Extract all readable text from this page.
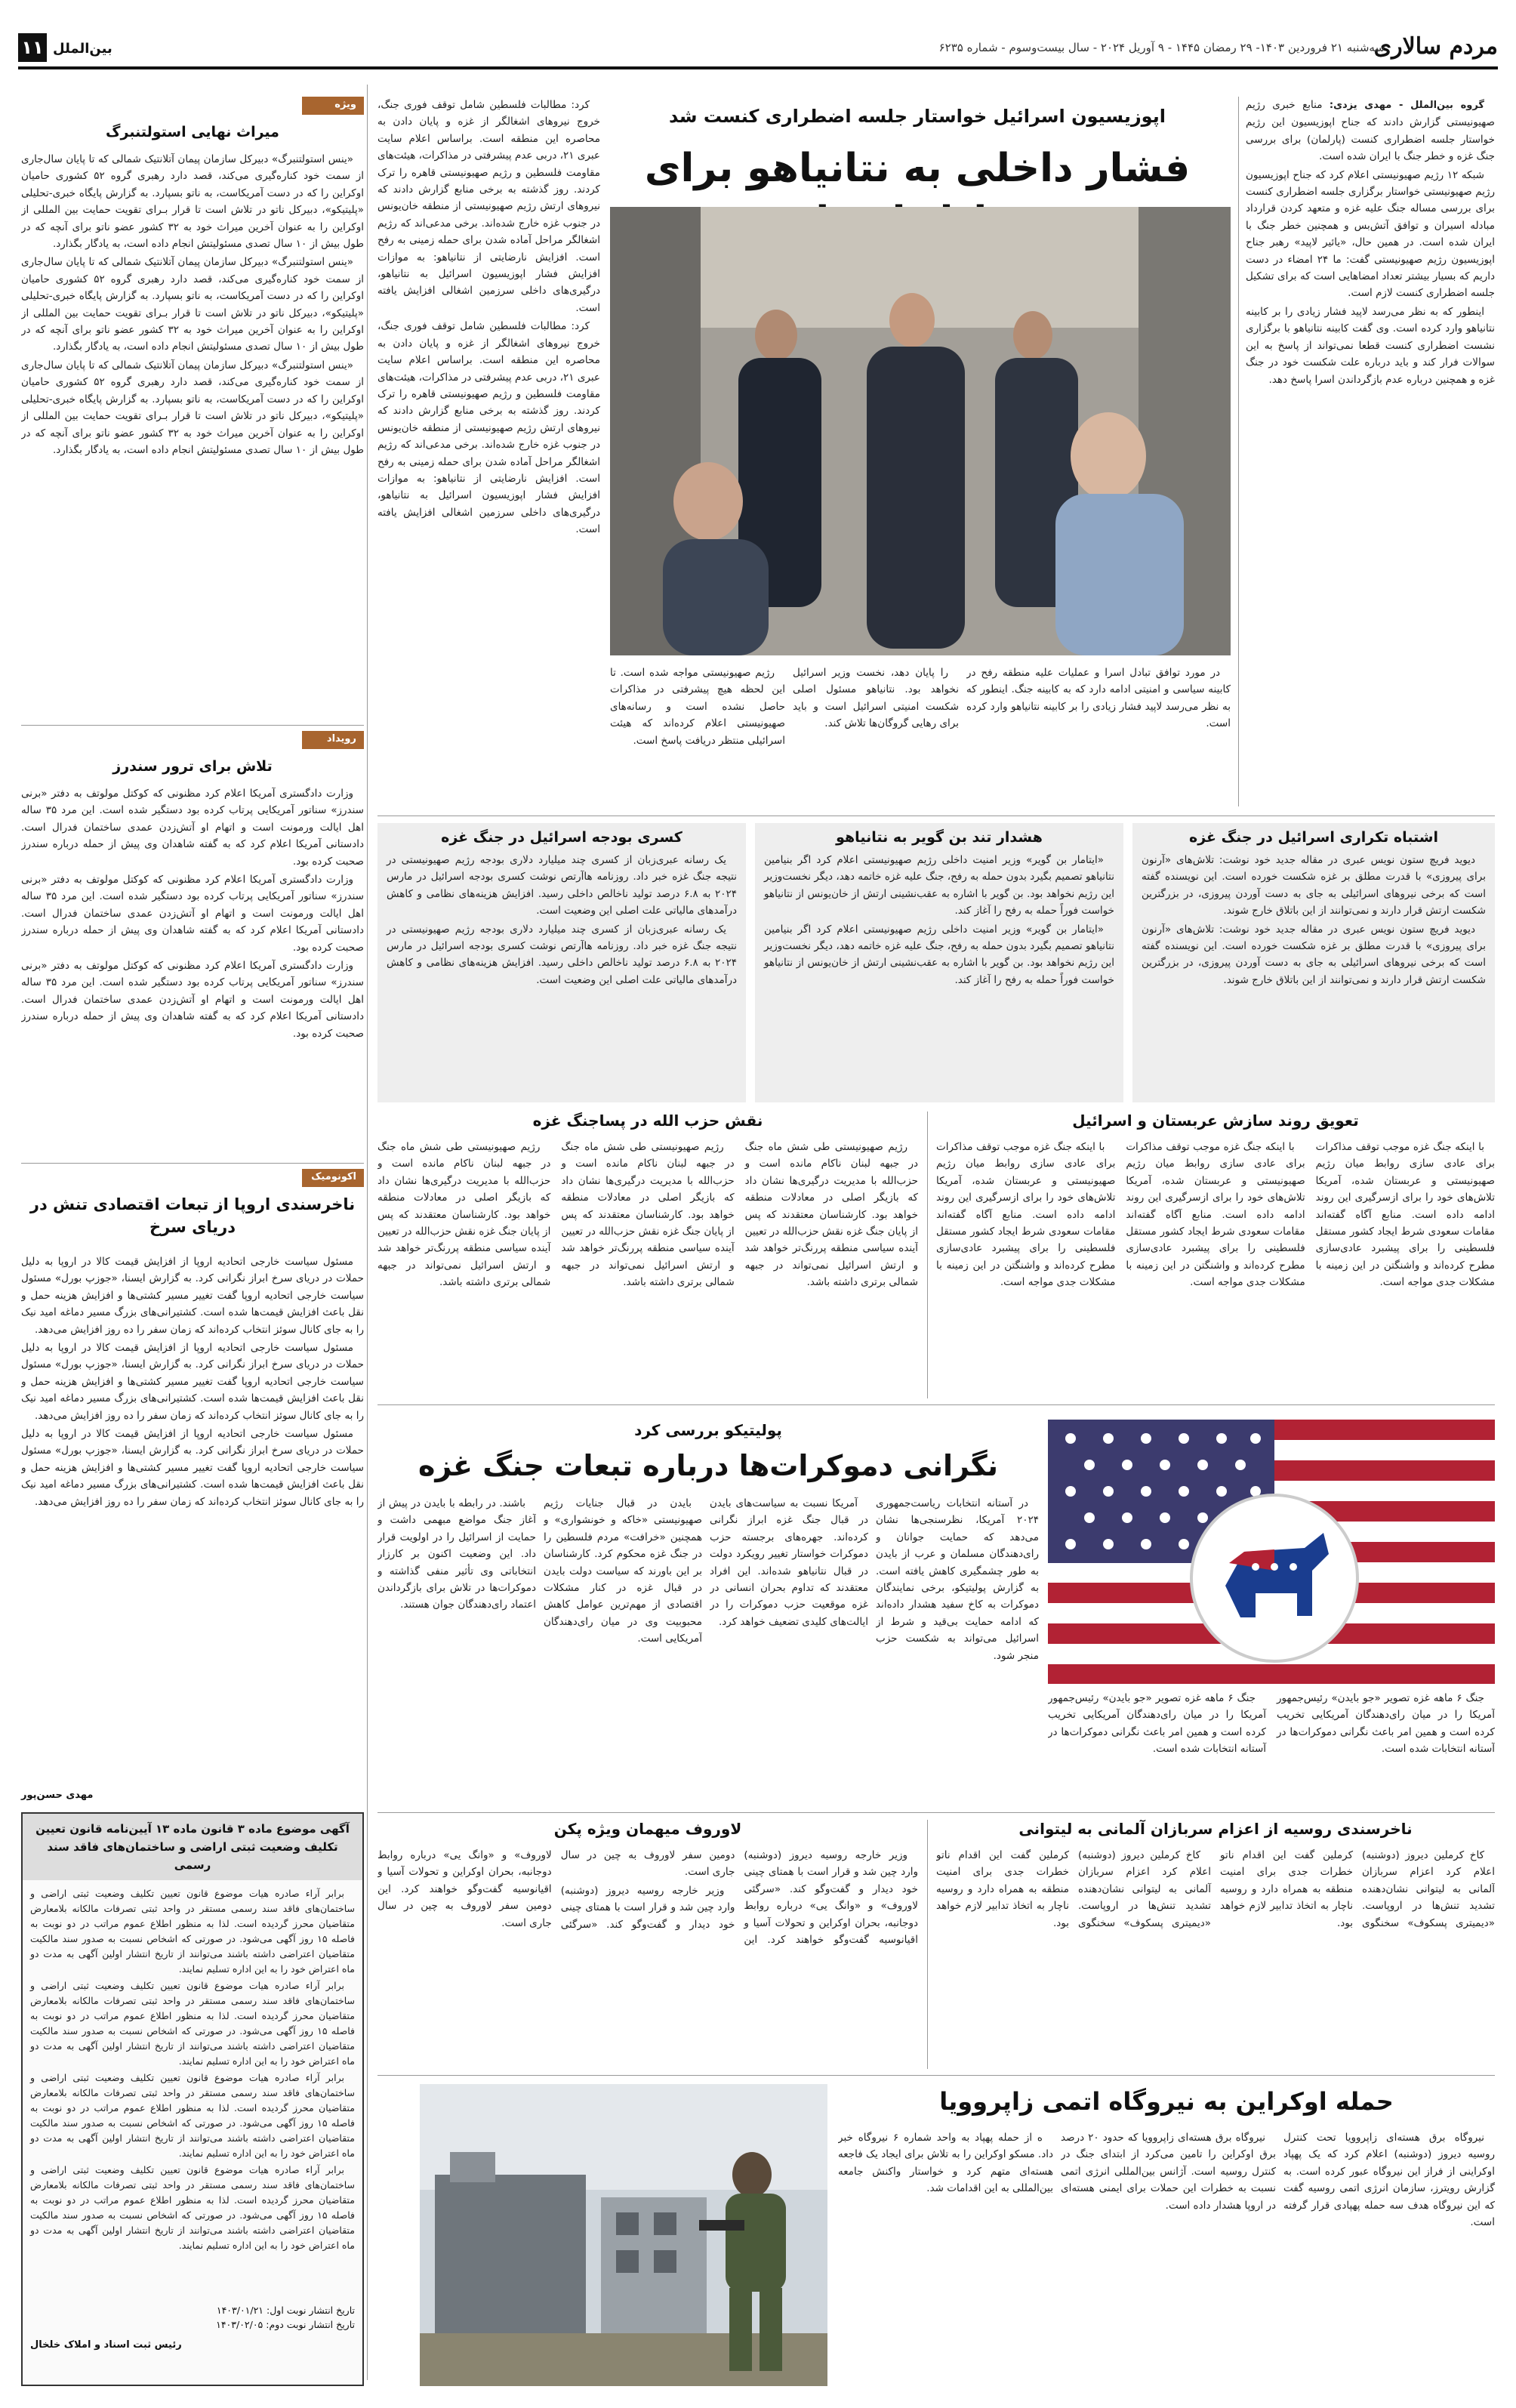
مردم سالاری
سه‌شنبه ۲۱ فروردین ۱۴۰۳- ۲۹ رمضان ۱۴۴۵ - ۹ آوریل ۲۰۲۴ - سال بیست‌وسوم - شماره ۶۲۳۵
بین‌الملل
۱۱
ویژه
میراث نهایی استولتنبرگ

«ینس استولتنبرگ» دبیرکل سازمان پیمان آتلانتیک شمالی که تا پایان سال‌جاری از سمت خود کناره‌گیری می‌کند، قصد دارد رهبری گروه ۵۲ کشوری حامیان اوکراین را که در دست آمریکاست، به ناتو بسپارد. به گزارش پایگاه خبری-تحلیلی «پلیتیکو»، دبیرکل ناتو در تلاش است تا قرار بـرای تقویت حمایت بین المللی از اوکراین را به عنوان آخرین میراث خود به ۳۲ کشور عضو ناتو برای آنچه که در طول بیش از ۱۰ سال تصدی مسئولیتش انجام داده است، به یادگار بگذارد.

«ینس استولتنبرگ» دبیرکل سازمان پیمان آتلانتیک شمالی که تا پایان سال‌جاری از سمت خود کناره‌گیری می‌کند، قصد دارد رهبری گروه ۵۲ کشوری حامیان اوکراین را که در دست آمریکاست، به ناتو بسپارد. به گزارش پایگاه خبری-تحلیلی «پلیتیکو»، دبیرکل ناتو در تلاش است تا قرار بـرای تقویت حمایت بین المللی از اوکراین را به عنوان آخرین میراث خود به ۳۲ کشور عضو ناتو برای آنچه که در طول بیش از ۱۰ سال تصدی مسئولیتش انجام داده است، به یادگار بگذارد.

«ینس استولتنبرگ» دبیرکل سازمان پیمان آتلانتیک شمالی که تا پایان سال‌جاری از سمت خود کناره‌گیری می‌کند، قصد دارد رهبری گروه ۵۲ کشوری حامیان اوکراین را که در دست آمریکاست، به ناتو بسپارد. به گزارش پایگاه خبری-تحلیلی «پلیتیکو»، دبیرکل ناتو در تلاش است تا قرار بـرای تقویت حمایت بین المللی از اوکراین را به عنوان آخرین میراث خود به ۳۲ کشور عضو ناتو برای آنچه که در طول بیش از ۱۰ سال تصدی مسئولیتش انجام داده است، به یادگار بگذارد.

رویداد
تلاش برای ترور سندرز

وزارت دادگستری آمریکا اعلام کرد مظنونی که کوکتل مولوتف به دفتر «برنی سندرز» سناتور آمریکایی پرتاب کرده بود دستگیر شده است. این مرد ۳۵ ساله اهل ایالت ورمونت است و اتهام او آتش‌زدن عمدی ساختمان فدرال است. دادستانی آمریکا اعلام کرد که به گفته شاهدان وی پیش از حمله درباره سندرز صحبت کرده بود.

وزارت دادگستری آمریکا اعلام کرد مظنونی که کوکتل مولوتف به دفتر «برنی سندرز» سناتور آمریکایی پرتاب کرده بود دستگیر شده است. این مرد ۳۵ ساله اهل ایالت ورمونت است و اتهام او آتش‌زدن عمدی ساختمان فدرال است. دادستانی آمریکا اعلام کرد که به گفته شاهدان وی پیش از حمله درباره سندرز صحبت کرده بود.

وزارت دادگستری آمریکا اعلام کرد مظنونی که کوکتل مولوتف به دفتر «برنی سندرز» سناتور آمریکایی پرتاب کرده بود دستگیر شده است. این مرد ۳۵ ساله اهل ایالت ورمونت است و اتهام او آتش‌زدن عمدی ساختمان فدرال است. دادستانی آمریکا اعلام کرد که به گفته شاهدان وی پیش از حمله درباره سندرز صحبت کرده بود.

اکونومیک
ناخرسندی اروپا از تبعات اقتصادی تنش در دریای سرخ

مسئول سیاست خارجی اتحادیه اروپا از افزایش قیمت کالا در اروپا به دلیل حملات در دریای سرخ ابراز نگرانی کرد. به گزارش ایسنا، «جوزپ بورل» مسئول سیاست خارجی اتحادیه اروپا گفت تغییر مسیر کشتی‌ها و افزایش هزینه حمل و نقل باعث افزایش قیمت‌ها شده است. کشتیرانی‌های بزرگ مسیر دماغه امید نیک را به جای کانال سوئز انتخاب کرده‌اند که زمان سفر را ده روز افزایش می‌دهد.

مسئول سیاست خارجی اتحادیه اروپا از افزایش قیمت کالا در اروپا به دلیل حملات در دریای سرخ ابراز نگرانی کرد. به گزارش ایسنا، «جوزپ بورل» مسئول سیاست خارجی اتحادیه اروپا گفت تغییر مسیر کشتی‌ها و افزایش هزینه حمل و نقل باعث افزایش قیمت‌ها شده است. کشتیرانی‌های بزرگ مسیر دماغه امید نیک را به جای کانال سوئز انتخاب کرده‌اند که زمان سفر را ده روز افزایش می‌دهد.

مسئول سیاست خارجی اتحادیه اروپا از افزایش قیمت کالا در اروپا به دلیل حملات در دریای سرخ ابراز نگرانی کرد. به گزارش ایسنا، «جوزپ بورل» مسئول سیاست خارجی اتحادیه اروپا گفت تغییر مسیر کشتی‌ها و افزایش هزینه حمل و نقل باعث افزایش قیمت‌ها شده است. کشتیرانی‌های بزرگ مسیر دماغه امید نیک را به جای کانال سوئز انتخاب کرده‌اند که زمان سفر را ده روز افزایش می‌دهد.

مهدی حسن‌پور
آگهی موضوع ماده ۳ قانون ماده ۱۳ آیین‌نامه قانون تعیین تکلیف وضعیت ثبتی اراضی و ساختمان‌های فاقد سند رسمی

برابر آراء صادره هیات موضوع قانون تعیین تکلیف وضعیت ثبتی اراضی و ساختمان‌های فاقد سند رسمی مستقر در واحد ثبتی تصرفات مالکانه بلامعارض متقاضیان محرز گردیده است. لذا به منظور اطلاع عموم مراتب در دو نوبت به فاصله ۱۵ روز آگهی می‌شود. در صورتی که اشخاص نسبت به صدور سند مالکیت متقاضیان اعتراضی داشته باشند می‌توانند از تاریخ انتشار اولین آگهی به مدت دو ماه اعتراض خود را به این اداره تسلیم نمایند.

برابر آراء صادره هیات موضوع قانون تعیین تکلیف وضعیت ثبتی اراضی و ساختمان‌های فاقد سند رسمی مستقر در واحد ثبتی تصرفات مالکانه بلامعارض متقاضیان محرز گردیده است. لذا به منظور اطلاع عموم مراتب در دو نوبت به فاصله ۱۵ روز آگهی می‌شود. در صورتی که اشخاص نسبت به صدور سند مالکیت متقاضیان اعتراضی داشته باشند می‌توانند از تاریخ انتشار اولین آگهی به مدت دو ماه اعتراض خود را به این اداره تسلیم نمایند.

برابر آراء صادره هیات موضوع قانون تعیین تکلیف وضعیت ثبتی اراضی و ساختمان‌های فاقد سند رسمی مستقر در واحد ثبتی تصرفات مالکانه بلامعارض متقاضیان محرز گردیده است. لذا به منظور اطلاع عموم مراتب در دو نوبت به فاصله ۱۵ روز آگهی می‌شود. در صورتی که اشخاص نسبت به صدور سند مالکیت متقاضیان اعتراضی داشته باشند می‌توانند از تاریخ انتشار اولین آگهی به مدت دو ماه اعتراض خود را به این اداره تسلیم نمایند.

برابر آراء صادره هیات موضوع قانون تعیین تکلیف وضعیت ثبتی اراضی و ساختمان‌های فاقد سند رسمی مستقر در واحد ثبتی تصرفات مالکانه بلامعارض متقاضیان محرز گردیده است. لذا به منظور اطلاع عموم مراتب در دو نوبت به فاصله ۱۵ روز آگهی می‌شود. در صورتی که اشخاص نسبت به صدور سند مالکیت متقاضیان اعتراضی داشته باشند می‌توانند از تاریخ انتشار اولین آگهی به مدت دو ماه اعتراض خود را به این اداره تسلیم نمایند.

تاریخ انتشار نوبت اول: ۱۴۰۳/۰۱/۲۱
تاریخ انتشار نوبت دوم: ۱۴۰۳/۰۲/۰۵
رئیس ثبت اسناد و املاک خلخال

گروه بین‌الملل - مهدی یزدی: منابع خبری رژیم صهیونیستی گزارش دادند که جناح اپوزیسیون این رژیم خواستار جلسه اضطراری کنست (پارلمان) برای بررسی جنگ غزه و خطر جنگ با ایران شده است.

شبکه ۱۲ رژیم صهیونیستی اعلام کرد که جناح اپوزیسیون رژیم صهیونیستی خواستار برگزاری جلسه اضطراری کنست برای بررسی مساله جنگ علیه غزه و متعهد کردن قرارداد مبادله اسیران و توافق آتش‌بس و همچنین خطر جنگ با ایران شده است. در همین حال، «یائیر لاپید» رهبر جناح اپوزیسیون رژیم صهیونیستی گفت: ما ۲۴ امضاء در دست داریم که بسیار بیشتر تعداد امضاهایی است که برای تشکیل جلسه اضطراری کنست لازم است.

اینطور که به نظر می‌رسد لاپید فشار زیادی را بر کابینه نتانیاهو وارد کرده است. وی گفت کابینه نتانیاهو با برگزاری نشست اضطراری کنست قطعا نمی‌تواند از پاسخ به این سوالات فرار کند و باید درباره علت شکست خود در جنگ غزه و همچنین درباره عدم بازگرداندن اسرا پاسخ دهد.

اپوزیسیون اسرائیل خواستار جلسه اضطراری کنست شد
فشار داخلی به نتانیاهو برای

کرد: مطالبات فلسطین شامل توقف فوری جنگ، خروج نیروهای اشغالگر از غزه و پایان دادن به محاصره این منطقه است. براساس اعلام سایت عبری ۲۱، دربی عدم پیشرفتی در مذاکرات، هیئت‌های مقاومت فلسطین و رژیم صهیونیستی قاهره را ترک کردند. روز گذشته به برخی منابع گزارش دادند که نیروهای ارتش رژیم صهیونیستی از منطقه خان‌یونس در جنوب غزه خارج شده‌اند. برخی مدعی‌اند که رژیم اشغالگر مراحل آماده شدن برای حمله زمینی به رفح است. افزایش نارضایتی از نتانیاهو: به موازات افزایش فشار اپوزیسیون اسرائیل به نتانیاهو، درگیری‌های داخلی سرزمین اشغالی افزایش یافته است.

کرد: مطالبات فلسطین شامل توقف فوری جنگ، خروج نیروهای اشغالگر از غزه و پایان دادن به محاصره این منطقه است. براساس اعلام سایت عبری ۲۱، دربی عدم پیشرفتی در مذاکرات، هیئت‌های مقاومت فلسطین و رژیم صهیونیستی قاهره را ترک کردند. روز گذشته به برخی منابع گزارش دادند که نیروهای ارتش رژیم صهیونیستی از منطقه خان‌یونس در جنوب غزه خارج شده‌اند. برخی مدعی‌اند که رژیم اشغالگر مراحل آماده شدن برای حمله زمینی به رفح است. افزایش نارضایتی از نتانیاهو: به موازات افزایش فشار اپوزیسیون اسرائیل به نتانیاهو، درگیری‌های داخلی سرزمین اشغالی افزایش یافته است.

در مورد توافق تبادل اسرا و عملیات علیه منطقه رفح در کابینه سیاسی و امنیتی ادامه دارد که به کابینه جنگ. اینطور که به نظر می‌رسد لاپید فشار زیادی را بر کابینه نتانیاهو وارد کرده است.

را پایان دهد، نخست وزیر اسرائیل نخواهد بود. نتانیاهو مسئول اصلی شکست امنیتی اسرائیل است و باید برای رهایی گروگان‌ها تلاش کند.

رژیم صهیونیستی مواجه شده است. تا این لحظه هیچ پیشرفتی در مذاکرات حاصل نشده است و رسانه‌های صهیونیستی اعلام کرده‌اند که هیئت اسرائیلی منتظر دریافت پاسخ است.

اشتباه تکراری اسرائیل در جنگ غزه

دیوید فریچ ستون نویس عبری در مقاله جدید خود نوشت: تلاش‌های «آرنون برای پیروزی» با قدرت مطلق بر غزه شکست خورده است. این نویسنده گفته است که برخی نیروهای اسرائیلی به جای به دست آوردن پیروزی، در بزرگترین شکست ارتش قرار دارند و نمی‌توانند از این باتلاق خارج شوند.

دیوید فریچ ستون نویس عبری در مقاله جدید خود نوشت: تلاش‌های «آرنون برای پیروزی» با قدرت مطلق بر غزه شکست خورده است. این نویسنده گفته است که برخی نیروهای اسرائیلی به جای به دست آوردن پیروزی، در بزرگترین شکست ارتش قرار دارند و نمی‌توانند از این باتلاق خارج شوند.

هشدار تند بن گویر به نتانیاهو

«ایتامار بن گویر» وزیر امنیت داخلی رژیم صهیونیستی اعلام کرد اگر بنیامین نتانیاهو تصمیم بگیرد بدون حمله به رفح، جنگ علیه غزه خاتمه دهد، دیگر نخست‌وزیر این رژیم نخواهد بود. بن گویر با اشاره به عقب‌نشینی ارتش از خان‌یونس از نتانیاهو خواست فوراً حمله به رفح را آغاز کند.

«ایتامار بن گویر» وزیر امنیت داخلی رژیم صهیونیستی اعلام کرد اگر بنیامین نتانیاهو تصمیم بگیرد بدون حمله به رفح، جنگ علیه غزه خاتمه دهد، دیگر نخست‌وزیر این رژیم نخواهد بود. بن گویر با اشاره به عقب‌نشینی ارتش از خان‌یونس از نتانیاهو خواست فوراً حمله به رفح را آغاز کند.

کسری بودجه اسرائیل در جنگ غزه

یک رسانه عبری‌زبان از کسری چند میلیارد دلاری بودجه رژیم صهیونیستی در نتیجه جنگ غزه خبر داد. روزنامه هاآرتص نوشت کسری بودجه اسرائیل در مارس ۲۰۲۴ به ۶.۸ درصد تولید ناخالص داخلی رسید. افزایش هزینه‌های نظامی و کاهش درآمدهای مالیاتی علت اصلی این وضعیت است.

یک رسانه عبری‌زبان از کسری چند میلیارد دلاری بودجه رژیم صهیونیستی در نتیجه جنگ غزه خبر داد. روزنامه هاآرتص نوشت کسری بودجه اسرائیل در مارس ۲۰۲۴ به ۶.۸ درصد تولید ناخالص داخلی رسید. افزایش هزینه‌های نظامی و کاهش درآمدهای مالیاتی علت اصلی این وضعیت است.

تعویق روند سازش عربستان و اسرائیل

با اینکه جنگ غزه موجب توقف مذاکرات برای عادی سازی روابط میان رژیم صهیونیستی و عربستان شده، آمریکا تلاش‌های خود را برای ازسرگیری این روند ادامه داده است. منابع آگاه گفته‌اند مقامات سعودی شرط ایجاد کشور مستقل فلسطینی را برای پیشبرد عادی‌سازی مطرح کرده‌اند و واشنگتن در این زمینه با مشکلات جدی مواجه است.

با اینکه جنگ غزه موجب توقف مذاکرات برای عادی سازی روابط میان رژیم صهیونیستی و عربستان شده، آمریکا تلاش‌های خود را برای ازسرگیری این روند ادامه داده است. منابع آگاه گفته‌اند مقامات سعودی شرط ایجاد کشور مستقل فلسطینی را برای پیشبرد عادی‌سازی مطرح کرده‌اند و واشنگتن در این زمینه با مشکلات جدی مواجه است.

با اینکه جنگ غزه موجب توقف مذاکرات برای عادی سازی روابط میان رژیم صهیونیستی و عربستان شده، آمریکا تلاش‌های خود را برای ازسرگیری این روند ادامه داده است. منابع آگاه گفته‌اند مقامات سعودی شرط ایجاد کشور مستقل فلسطینی را برای پیشبرد عادی‌سازی مطرح کرده‌اند و واشنگتن در این زمینه با مشکلات جدی مواجه است.

نقش حزب الله در پساجنگ غزه

رژیم صهیونیستی طی شش ماه جنگ در جبهه لبنان ناکام مانده است و حزب‌الله با مدیریت درگیری‌ها نشان داد که بازیگر اصلی در معادلات منطقه خواهد بود. کارشناسان معتقدند که پس از پایان جنگ غزه نقش حزب‌الله در تعیین آینده سیاسی منطقه پررنگ‌تر خواهد شد و ارتش اسرائیل نمی‌تواند در جبهه شمالی برتری داشته باشد.

رژیم صهیونیستی طی شش ماه جنگ در جبهه لبنان ناکام مانده است و حزب‌الله با مدیریت درگیری‌ها نشان داد که بازیگر اصلی در معادلات منطقه خواهد بود. کارشناسان معتقدند که پس از پایان جنگ غزه نقش حزب‌الله در تعیین آینده سیاسی منطقه پررنگ‌تر خواهد شد و ارتش اسرائیل نمی‌تواند در جبهه شمالی برتری داشته باشد.

رژیم صهیونیستی طی شش ماه جنگ در جبهه لبنان ناکام مانده است و حزب‌الله با مدیریت درگیری‌ها نشان داد که بازیگر اصلی در معادلات منطقه خواهد بود. کارشناسان معتقدند که پس از پایان جنگ غزه نقش حزب‌الله در تعیین آینده سیاسی منطقه پررنگ‌تر خواهد شد و ارتش اسرائیل نمی‌تواند در جبهه شمالی برتری داشته باشد.

جنگ ۶ ماهه غزه تصویر «جو بایدن» رئیس‌جمهور آمریکا را در میان رای‌دهندگان آمریکایی تخریب کرده است و همین امر باعث نگرانی دموکرات‌ها در آستانه انتخابات شده است.

جنگ ۶ ماهه غزه تصویر «جو بایدن» رئیس‌جمهور آمریکا را در میان رای‌دهندگان آمریکایی تخریب کرده است و همین امر باعث نگرانی دموکرات‌ها در آستانه انتخابات شده است.

پولیتیکو بررسی کرد
نگرانی دموکرات‌ها درباره تبعات جنگ غزه

در آستانه انتخابات ریاست‌جمهوری ۲۰۲۴ آمریکا، نظرسنجی‌ها نشان می‌دهد که حمایت جوانان و رای‌دهندگان مسلمان و عرب از بایدن به طور چشمگیری کاهش یافته است. به گزارش پولیتیکو، برخی نمایندگان دموکرات به کاخ سفید هشدار داده‌اند که ادامه حمایت بی‌قید و شرط از اسرائیل می‌تواند به شکست حزب منجر شود.

آمریکا نسبت به سیاست‌های بایدن در قبال جنگ غزه ابراز نگرانی کرده‌اند. جهره‌های برجسته حزب دموکرات خواستار تغییر رویکرد دولت در قبال نتانیاهو شده‌اند. این افراد معتقدند که تداوم بحران انسانی در غزه موقعیت حزب دموکرات را در ایالت‌های کلیدی تضعیف خواهد کرد.

بایدن در قبال جنایات رژیم صهیونیستی «خاکه و خونشواری» و همچنین «خرافت» مردم فلسطین را در جنگ غزه محکوم کرد. کارشناسان بر این باورند که سیاست دولت بایدن در قبال غزه در کنار مشکلات اقتصادی از مهم‌ترین عوامل کاهش محبوبیت وی در میان رای‌دهندگان آمریکایی است.

باشند. در رابطه با بایدن در پیش از آغاز جنگ مواضع مبهمی داشت و حمایت از اسرائیل را در اولویت قرار داد. این وضعیت اکنون بر کارزار انتخاباتی وی تأثیر منفی گذاشته و دموکرات‌ها در تلاش برای بازگرداندن اعتماد رای‌دهندگان جوان هستند.

ناخرسندی روسیه از اعزام سربازان آلمانی به لیتوانی

کاخ کرملین دیروز (دوشنبه) اعلام کرد اعزام سربازان آلمانی به لیتوانی نشان‌دهنده تشدید تنش‌ها در اروپاست. «دیمیتری پسکوف» سخنگوی کرملین گفت این اقدام ناتو خطرات جدی برای امنیت منطقه به همراه دارد و روسیه ناچار به اتخاذ تدابیر لازم خواهد بود.

کاخ کرملین دیروز (دوشنبه) اعلام کرد اعزام سربازان آلمانی به لیتوانی نشان‌دهنده تشدید تنش‌ها در اروپاست. «دیمیتری پسکوف» سخنگوی کرملین گفت این اقدام ناتو خطرات جدی برای امنیت منطقه به همراه دارد و روسیه ناچار به اتخاذ تدابیر لازم خواهد بود.

لاوروف میهمان ویژه پکن

وزیر خارجه روسیه دیروز (دوشنبه) وارد چین شد و قرار است با همتای چینی خود دیدار و گفت‌وگو کند. «سرگئی لاوروف» و «وانگ یی» درباره روابط دوجانبه، بحران اوکراین و تحولات آسیا و اقیانوسیه گفت‌وگو خواهند کرد. این دومین سفر لاوروف به چین در سال جاری است.

وزیر خارجه روسیه دیروز (دوشنبه) وارد چین شد و قرار است با همتای چینی خود دیدار و گفت‌وگو کند. «سرگئی لاوروف» و «وانگ یی» درباره روابط دوجانبه، بحران اوکراین و تحولات آسیا و اقیانوسیه گفت‌وگو خواهند کرد. این دومین سفر لاوروف به چین در سال جاری است.

حمله اوکراین به نیروگاه اتمی زاپروویا

نیروگاه برق هسته‌ای زاپروویا تحت کنترل روسیه دیروز (دوشنبه) اعلام کرد که یک پهپاد اوکراینی از فراز این نیروگاه عبور کرده است. به گزارش رویترز، سازمان انرژی اتمی روسیه گفت که این نیروگاه هدف سه حمله پهپادی قرار گرفته است.

نیروگاه برق هسته‌ای زاپروویا که حدود ۲۰ درصد برق اوکراین را تامین می‌کرد از ابتدای جنگ در کنترل روسیه است. آژانس بین‌المللی انرژی اتمی نسبت به خطرات این حملات برای ایمنی هسته‌ای در اروپا هشدار داده است.

ه از حمله پهپاد به واحد شماره ۶ نیروگاه خبر داد. مسکو اوکراین را به تلاش برای ایجاد یک فاجعه هسته‌ای متهم کرد و خواستار واکنش جامعه بین‌المللی به این اقدامات شد.
